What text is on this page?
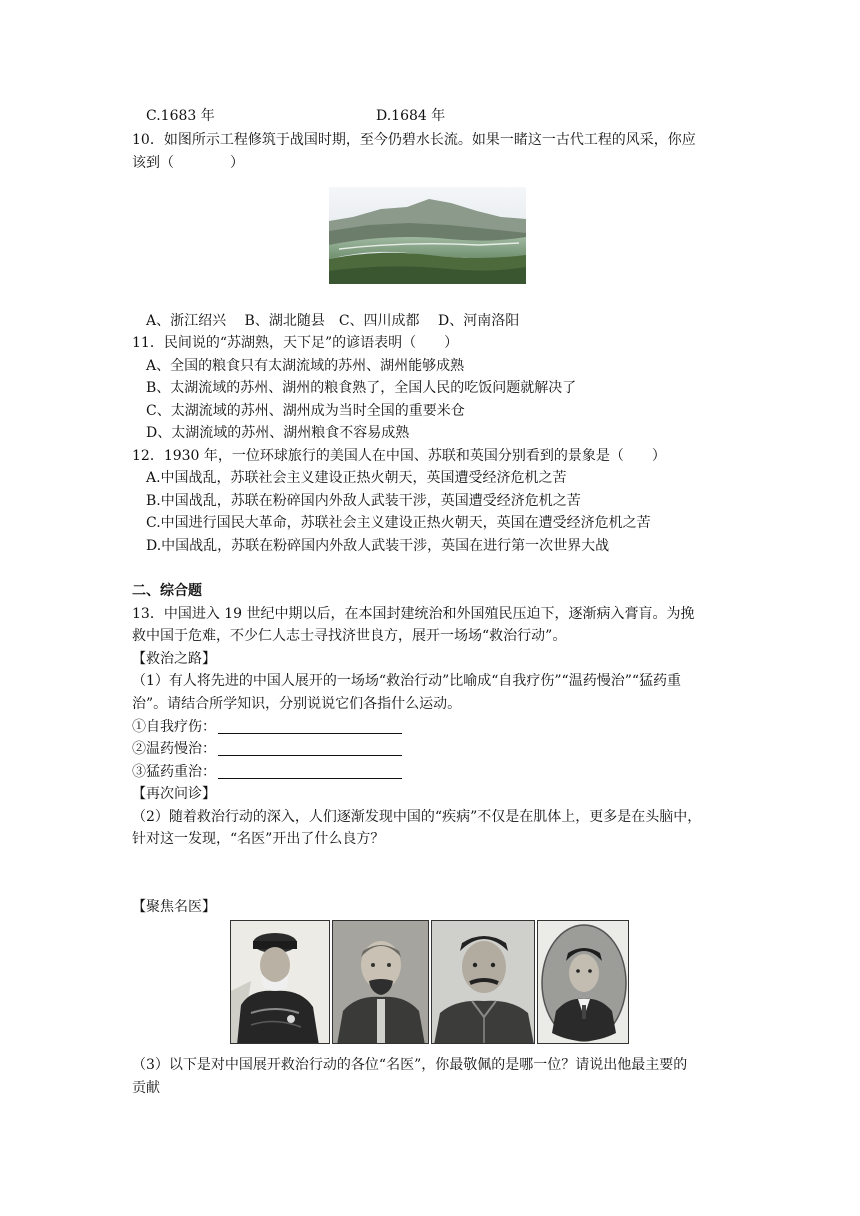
C.1683 年	D.1684 年
10．如图所示工程修筑于战国时期，至今仍碧水长流。如果一睹这一古代工程的风采，你应
该到（　　　　）
A、浙江绍兴　 B、湖北随县　C、四川成都　 D、河南洛阳
11．民间说的“苏湖熟，天下足”的谚语表明（　　）
A、全国的粮食只有太湖流域的苏州、湖州能够成熟
B、太湖流域的苏州、湖州的粮食熟了，全国人民的吃饭问题就解决了
C、太湖流域的苏州、湖州成为当时全国的重要米仓
D、太湖流域的苏州、湖州粮食不容易成熟
12．1930 年，一位环球旅行的美国人在中国、苏联和英国分别看到的景象是（　　）
A.中国战乱，苏联社会主义建设正热火朝天，英国遭受经济危机之苦
B.中国战乱，苏联在粉碎国内外敌人武装干涉，英国遭受经济危机之苦
C.中国进行国民大革命，苏联社会主义建设正热火朝天，英国在遭受经济危机之苦
D.中国战乱，苏联在粉碎国内外敌人武装干涉，英国在进行第一次世界大战
二、综合题
13．中国进入 19 世纪中期以后，在本国封建统治和外国殖民压迫下，逐渐病入膏肓。为挽
救中国于危难，不少仁人志士寻找济世良方，展开一场场“救治行动”。
【救治之路】
（1）有人将先进的中国人展开的一场场“救治行动”比喻成“自我疗伤”“温药慢治”“猛药重
治”。请结合所学知识，分别说说它们各指什么运动。
①自我疗伤：
②温药慢治：
③猛药重治：
【再次问诊】
（2）随着救治行动的深入，人们逐渐发现中国的“疾病”不仅是在肌体上，更多是在头脑中，
针对这一发现，“名医”开出了什么良方？
【聚焦名医】
（3）以下是对中国展开救治行动的各位“名医”，你最敬佩的是哪一位？请说出他最主要的
贡献
